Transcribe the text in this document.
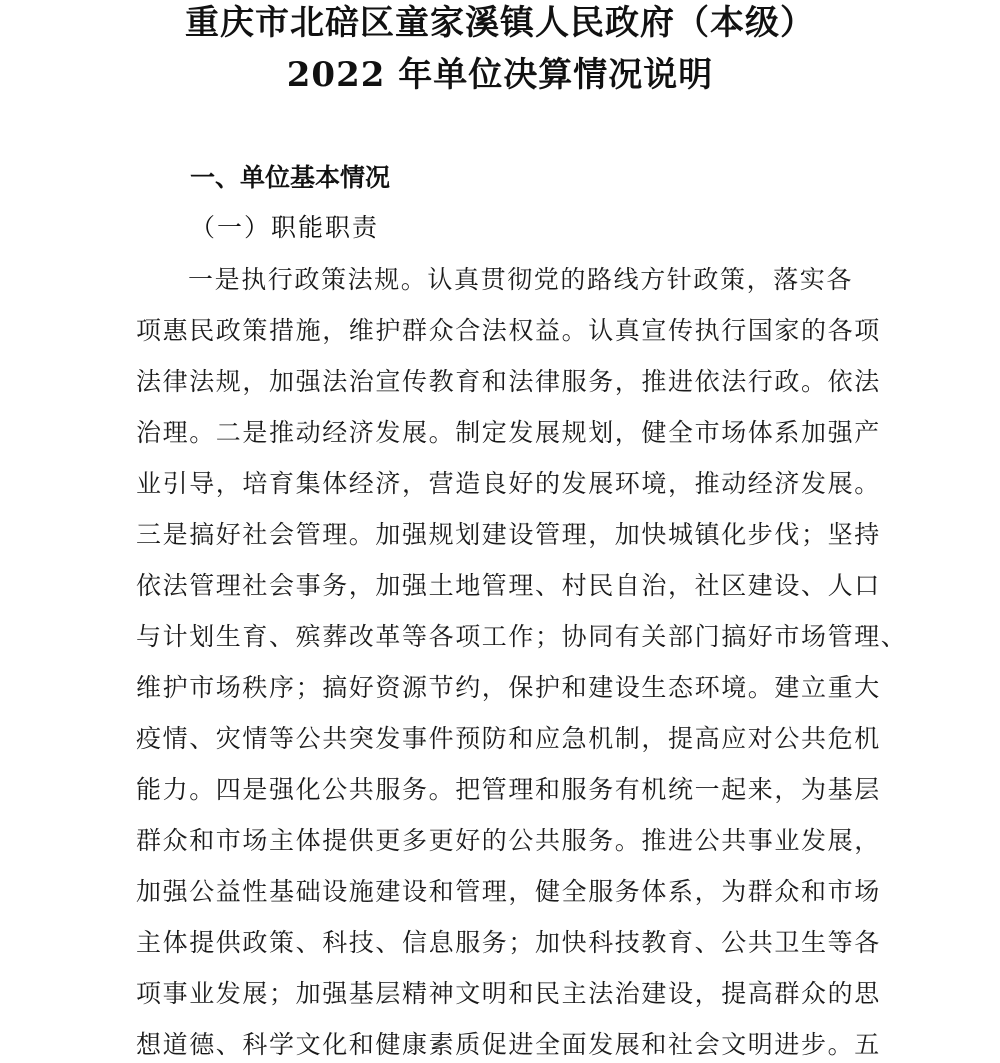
重庆市北碚区童家溪镇人民政府（本级）
2022 年单位决算情况说明
一、单位基本情况
（一）职能职责
一是执行政策法规。认真贯彻党的路线方针政策，落实各
项惠民政策措施，维护群众合法权益。认真宣传执行国家的各项
法律法规，加强法治宣传教育和法律服务，推进依法行政。依法
治理。二是推动经济发展。制定发展规划，健全市场体系加强产
业引导，培育集体经济，营造良好的发展环境，推动经济发展。
三是搞好社会管理。加强规划建设管理，加快城镇化步伐；坚持
依法管理社会事务，加强土地管理、村民自治，社区建设、人口
与计划生育、殡葬改革等各项工作；协同有关部门搞好市场管理、
维护市场秩序；搞好资源节约，保护和建设生态环境。建立重大
疫情、灾情等公共突发事件预防和应急机制，提高应对公共危机
能力。四是强化公共服务。把管理和服务有机统一起来，为基层
群众和市场主体提供更多更好的公共服务。推进公共事业发展，
加强公益性基础设施建设和管理，健全服务体系，为群众和市场
主体提供政策、科技、信息服务；加快科技教育、公共卫生等各
项事业发展；加强基层精神文明和民主法治建设，提高群众的思
想道德、科学文化和健康素质促进全面发展和社会文明进步。五
